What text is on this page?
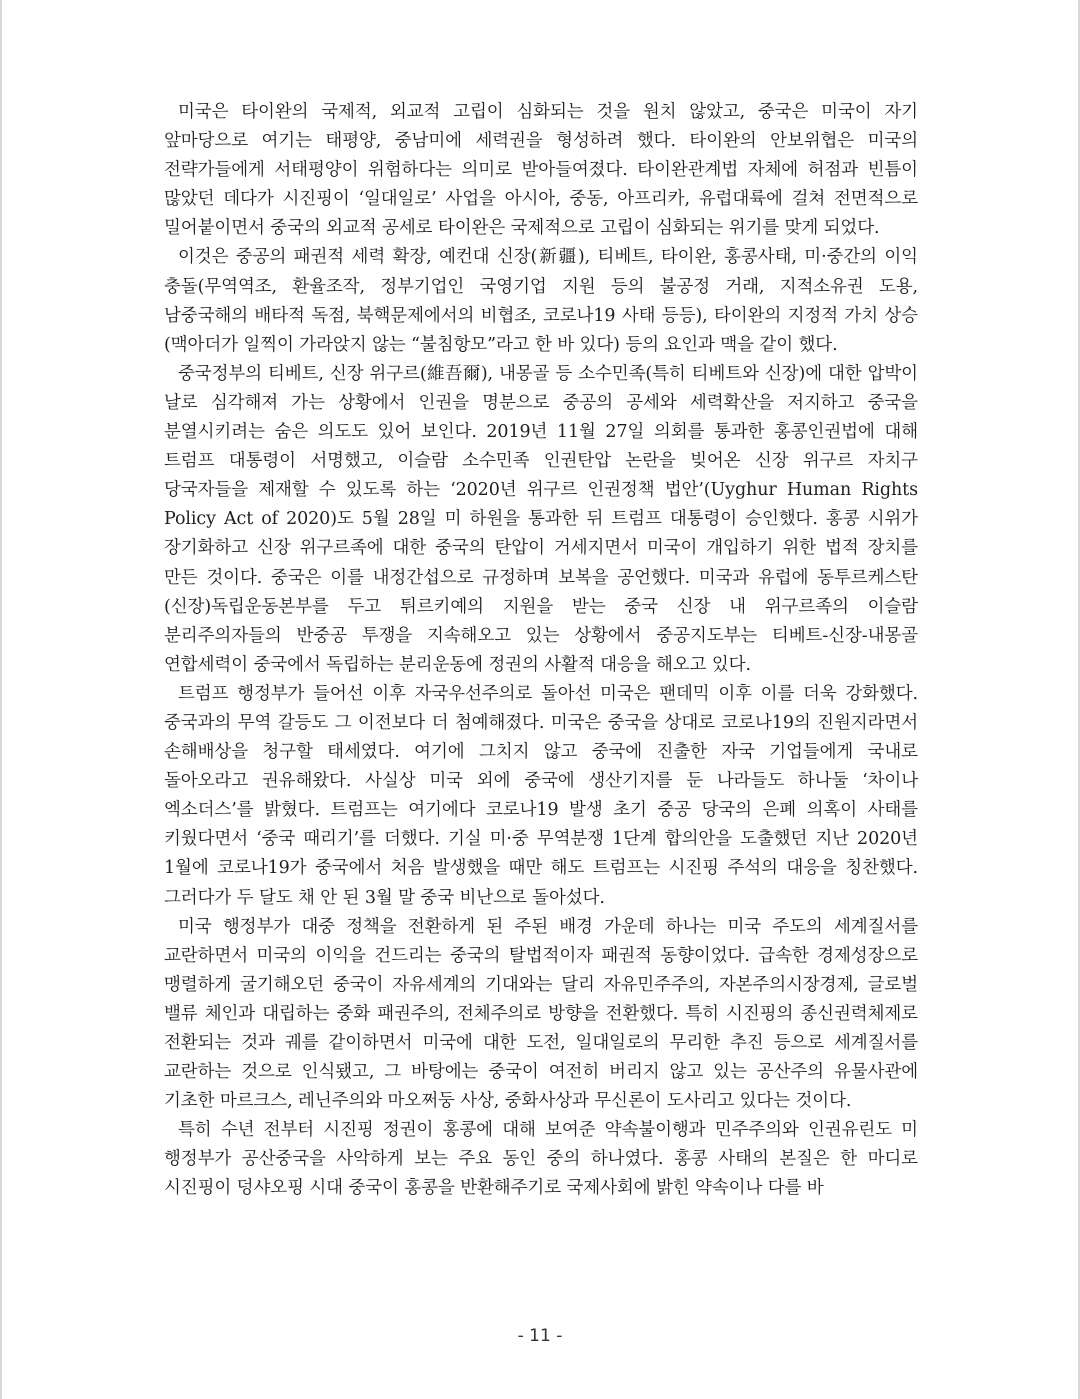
미국은 타이완의 국제적, 외교적 고립이 심화되는 것을 원치 않았고, 중국은 미국이 자기 앞마당으로 여기는 태평양, 중남미에 세력권을 형성하려 했다. 타이완의 안보위협은 미국의 전략가들에게 서태평양이 위험하다는 의미로 받아들여졌다. 타이완관계법 자체에 허점과 빈틈이 많았던 데다가 시진핑이 ‘일대일로’ 사업을 아시아, 중동, 아프리카, 유럽대륙에 걸쳐 전면적으로 밀어붙이면서 중국의 외교적 공세로 타이완은 국제적으로 고립이 심화되는 위기를 맞게 되었다.

이것은 중공의 패권적 세력 확장, 예컨대 신장(新疆), 티베트, 타이완, 홍콩사태, 미·중간의 이익 충돌(무역역조, 환율조작, 정부기업인 국영기업 지원 등의 불공정 거래, 지적소유권 도용, 남중국해의 배타적 독점, 북핵문제에서의 비협조, 코로나19 사태 등등), 타이완의 지정적 가치 상승(맥아더가 일찍이 가라앉지 않는 “불침항모”라고 한 바 있다) 등의 요인과 맥을 같이 했다.

중국정부의 티베트, 신장 위구르(維吾爾), 내몽골 등 소수민족(특히 티베트와 신장)에 대한 압박이 날로 심각해져 가는 상황에서 인권을 명분으로 중공의 공세와 세력확산을 저지하고 중국을 분열시키려는 숨은 의도도 있어 보인다. 2019년 11월 27일 의회를 통과한 홍콩인권법에 대해 트럼프 대통령이 서명했고, 이슬람 소수민족 인권탄압 논란을 빚어온 신장 위구르 자치구 당국자들을 제재할 수 있도록 하는 ‘2020년 위구르 인권정책 법안’(Uyghur Human Rights Policy Act of 2020)도 5월 28일 미 하원을 통과한 뒤 트럼프 대통령이 승인했다. 홍콩 시위가 장기화하고 신장 위구르족에 대한 중국의 탄압이 거세지면서 미국이 개입하기 위한 법적 장치를 만든 것이다. 중국은 이를 내정간섭으로 규정하며 보복을 공언했다. 미국과 유럽에 동투르케스탄(신장)독립운동본부를 두고 튀르키예의 지원을 받는 중국 신장 내 위구르족의 이슬람 분리주의자들의 반중공 투쟁을 지속해오고 있는 상황에서 중공지도부는 티베트-신장-내몽골 연합세력이 중국에서 독립하는 분리운동에 정권의 사활적 대응을 해오고 있다.

트럼프 행정부가 들어선 이후 자국우선주의로 돌아선 미국은 팬데믹 이후 이를 더욱 강화했다. 중국과의 무역 갈등도 그 이전보다 더 첨예해졌다. 미국은 중국을 상대로 코로나19의 진원지라면서 손해배상을 청구할 태세였다. 여기에 그치지 않고 중국에 진출한 자국 기업들에게 국내로 돌아오라고 권유해왔다. 사실상 미국 외에 중국에 생산기지를 둔 나라들도 하나둘 ‘차이나 엑소더스’를 밝혔다. 트럼프는 여기에다 코로나19 발생 초기 중공 당국의 은폐 의혹이 사태를 키웠다면서 ‘중국 때리기’를 더했다. 기실 미·중 무역분쟁 1단계 합의안을 도출했던 지난 2020년 1월에 코로나19가 중국에서 처음 발생했을 때만 해도 트럼프는 시진핑 주석의 대응을 칭찬했다. 그러다가 두 달도 채 안 된 3월 말 중국 비난으로 돌아섰다.

미국 행정부가 대중 정책을 전환하게 된 주된 배경 가운데 하나는 미국 주도의 세계질서를 교란하면서 미국의 이익을 건드리는 중국의 탈법적이자 패권적 동향이었다. 급속한 경제성장으로 맹렬하게 굴기해오던 중국이 자유세계의 기대와는 달리 자유민주주의, 자본주의시장경제, 글로벌 밸류 체인과 대립하는 중화 패권주의, 전체주의로 방향을 전환했다. 특히 시진핑의 종신권력체제로 전환되는 것과 궤를 같이하면서 미국에 대한 도전, 일대일로의 무리한 추진 등으로 세계질서를 교란하는 것으로 인식됐고, 그 바탕에는 중국이 여전히 버리지 않고 있는 공산주의 유물사관에 기초한 마르크스, 레닌주의와 마오쩌둥 사상, 중화사상과 무신론이 도사리고 있다는 것이다.

특히 수년 전부터 시진핑 정권이 홍콩에 대해 보여준 약속불이행과 민주주의와 인권유린도 미 행정부가 공산중국을 사악하게 보는 주요 동인 중의 하나였다. 홍콩 사태의 본질은 한 마디로 시진핑이 덩샤오핑 시대 중국이 홍콩을 반환해주기로 국제사회에 밝힌 약속이나 다를 바

- 11 -
